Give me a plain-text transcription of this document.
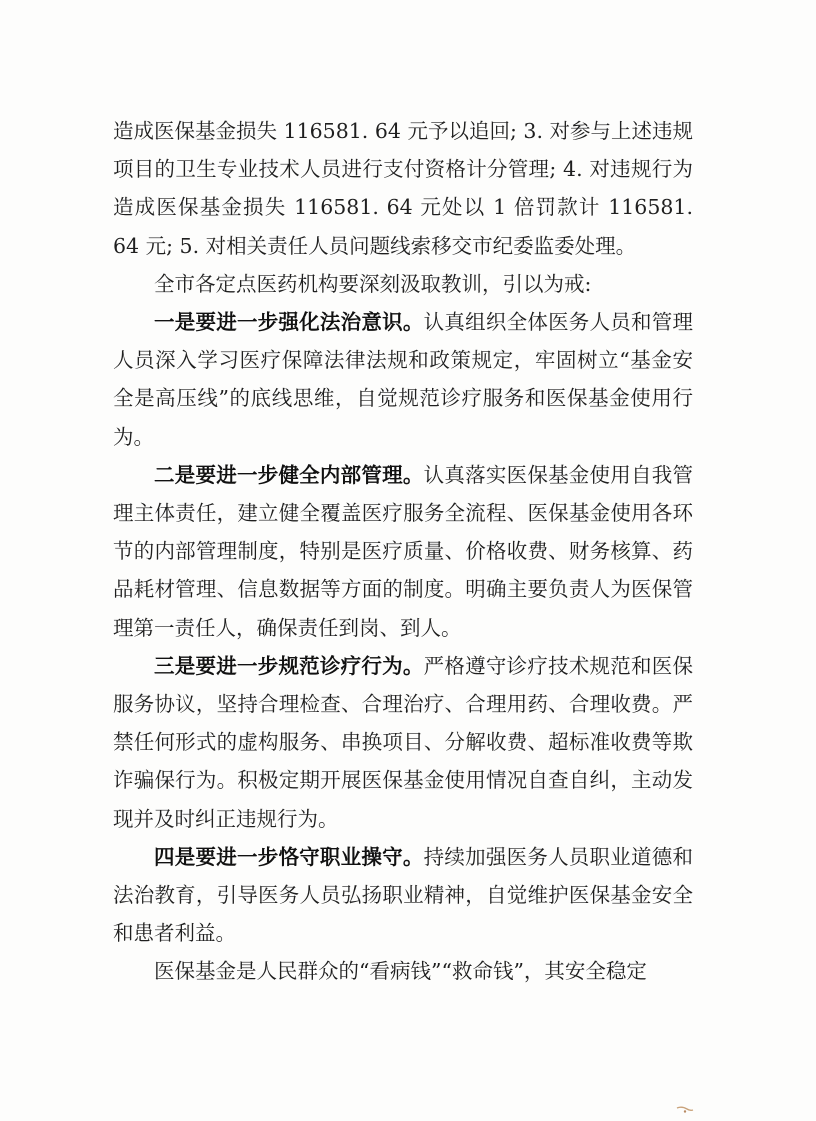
造成医保基金损失 116581. 64 元予以追回; 3. 对参与上述违规项目的卫生专业技术人员进行支付资格计分管理; 4. 对违规行为造成医保基金损失 116581. 64 元处以 1 倍罚款计 116581. 64 元; 5. 对相关责任人员问题线索移交市纪委监委处理。

全市各定点医药机构要深刻汲取教训，引以为戒:

一是要进一步强化法治意识。认真组织全体医务人员和管理人员深入学习医疗保障法律法规和政策规定，牢固树立“基金安全是高压线”的底线思维，自觉规范诊疗服务和医保基金使用行为。

二是要进一步健全内部管理。认真落实医保基金使用自我管理主体责任，建立健全覆盖医疗服务全流程、医保基金使用各环节的内部管理制度，特别是医疗质量、价格收费、财务核算、药品耗材管理、信息数据等方面的制度。明确主要负责人为医保管理第一责任人，确保责任到岗、到人。

三是要进一步规范诊疗行为。严格遵守诊疗技术规范和医保服务协议，坚持合理检查、合理治疗、合理用药、合理收费。严禁任何形式的虚构服务、串换项目、分解收费、超标准收费等欺诈骗保行为。积极定期开展医保基金使用情况自查自纠，主动发现并及时纠正违规行为。

四是要进一步恪守职业操守。持续加强医务人员职业道德和法治教育，引导医务人员弘扬职业精神，自觉维护医保基金安全和患者利益。

医保基金是人民群众的“看病钱”“救命钱”，其安全稳定
